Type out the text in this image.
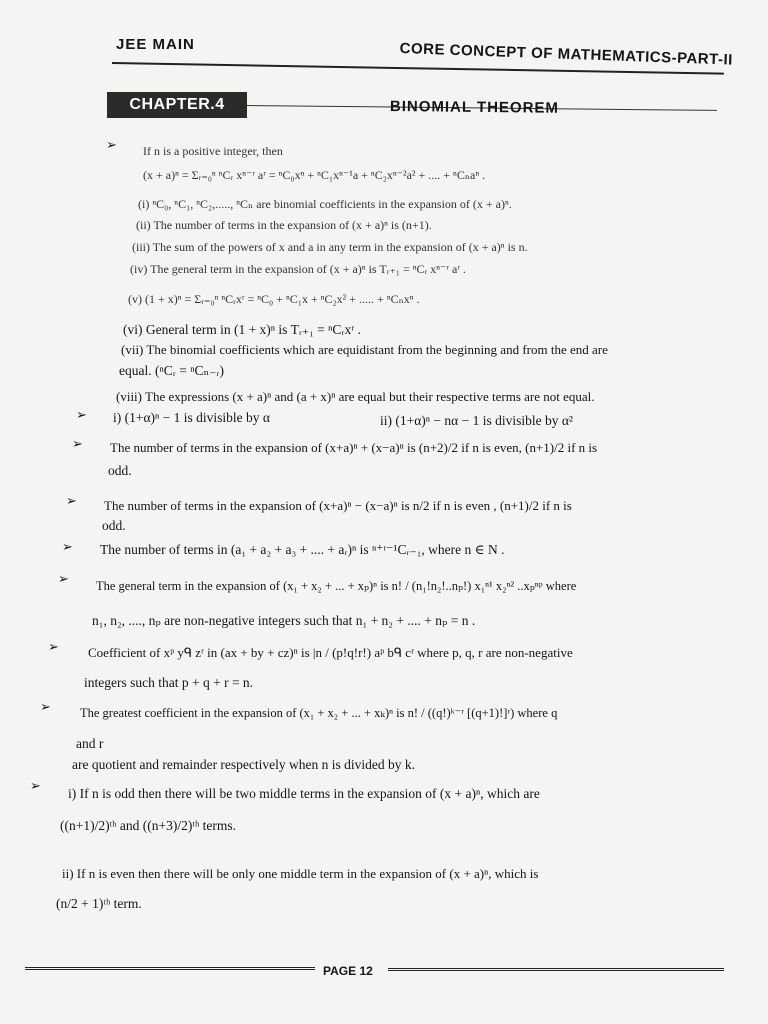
JEE MAIN	CORE CONCEPT OF MATHEMATICS-PART-II
CHAPTER.4	BINOMIAL THEOREM
➢
➢
➢
➢
➢
➢
➢
➢
➢
If n is a positive integer, then
(x + a)ⁿ = Σᵣ₌₀ⁿ ⁿCᵣ xⁿ⁻ʳ aʳ = ⁿC₀xⁿ + ⁿC₁xⁿ⁻¹a + ⁿC₂xⁿ⁻²a² + .... + ⁿCₙaⁿ .
(i) ⁿC₀, ⁿC₁, ⁿC₂,....., ⁿCₙ are binomial coefficients in the expansion of (x + a)ⁿ.
(ii) The number of terms in the expansion of (x + a)ⁿ is (n+1).
(iii) The sum of the powers of x and a in any term in the expansion of (x + a)ⁿ is n.
(iv) The general term in the expansion of (x + a)ⁿ is Tᵣ₊₁ = ⁿCᵣ xⁿ⁻ʳ aʳ .
(v) (1 + x)ⁿ = Σᵣ₌₀ⁿ ⁿCᵣxʳ = ⁿC₀ + ⁿC₁x + ⁿC₂x² + ..... + ⁿCₙxⁿ .
(vi) General term in (1 + x)ⁿ is Tᵣ₊₁ = ⁿCᵣxʳ .
(vii) The binomial coefficients which are equidistant from the beginning and from the end are
equal. (ⁿCᵣ = ⁿCₙ₋ᵣ)
(viii) The expressions (x + a)ⁿ and (a + x)ⁿ are equal but their respective terms are not equal.
i) (1+α)ⁿ − 1 is divisible by α	ii) (1+α)ⁿ − nα − 1 is divisible by α²
The number of terms in the expansion of (x+a)ⁿ + (x−a)ⁿ is (n+2)/2 if n is even, (n+1)/2 if n is
odd.
The number of terms in the expansion of (x+a)ⁿ − (x−a)ⁿ is n/2 if n is even , (n+1)/2 if n is
odd.
The number of terms in (a₁ + a₂ + a₃ + .... + aᵣ)ⁿ is ⁿ⁺ʳ⁻¹Cᵣ₋₁, where n ∈ N .
The general term in the expansion of (x₁ + x₂ + ... + xₚ)ⁿ is n! / (n₁!n₂!..nₚ!) x₁ⁿ¹ x₂ⁿ² ..xₚⁿᵖ where
n₁, n₂, ...., nₚ are non-negative integers such that n₁ + n₂ + .... + nₚ = n .
Coefficient of xᵖ yᑫ zʳ in (ax + by + cz)ⁿ is |n / (p!q!r!) aᵖ bᑫ cʳ where p, q, r are non-negative
integers such that p + q + r = n.
The greatest coefficient in the expansion of (x₁ + x₂ + ... + xₖ)ⁿ is n! / ((q!)ᵏ⁻ʳ [(q+1)!]ʳ) where q
and r
are quotient and remainder respectively when n is divided by k.
i) If n is odd then there will be two middle terms in the expansion of (x + a)ⁿ, which are
((n+1)/2)ᵗʰ and ((n+3)/2)ᵗʰ terms.
ii) If n is even then there will be only one middle term in the expansion of (x + a)ⁿ, which is
(n/2 + 1)ᵗʰ term.
PAGE 12
